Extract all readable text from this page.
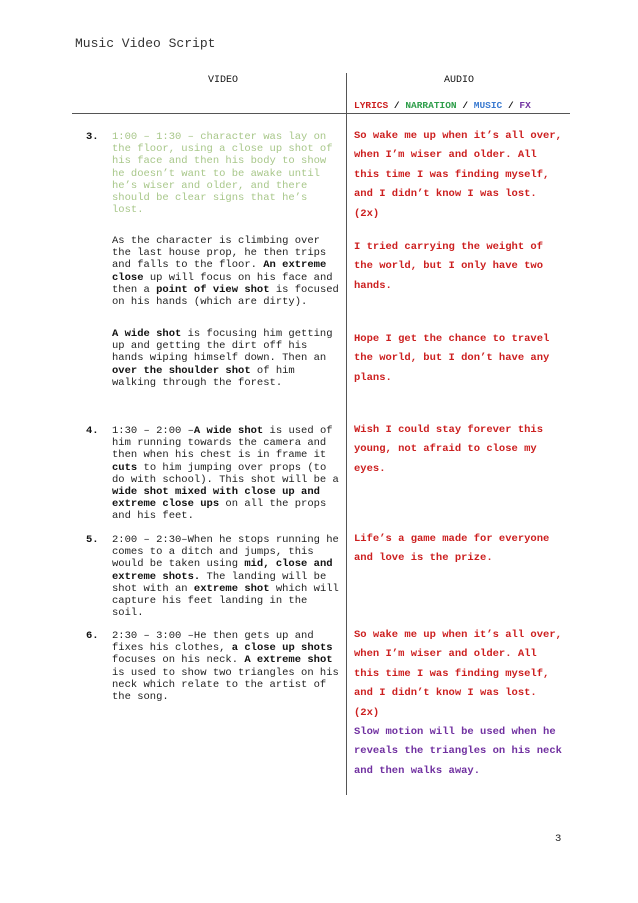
Music Video Script
VIDEO	AUDIO
LYRICS / NARRATION / MUSIC / FX
3. 1:00 – 1:30 – character was lay on the floor, using a close up shot of his face and then his body to show he doesn’t want to be awake until he’s wiser and older, and there should be clear signs that he’s lost.
As the character is climbing over the last house prop, he then trips and falls to the floor. An extreme close up will focus on his face and then a point of view shot is focused on his hands (which are dirty).
A wide shot is focusing him getting up and getting the dirt off his hands wiping himself down. Then an over the shoulder shot of him walking through the forest.
So wake me up when it’s all over, when I’m wiser and older. All this time I was finding myself, and I didn’t know I was lost. (2x)
I tried carrying the weight of the world, but I only have two hands.
Hope I get the chance to travel the world, but I don’t have any plans.
4. 1:30 – 2:00 –A wide shot is used of him running towards the camera and then when his chest is in frame it cuts to him jumping over props (to do with school). This shot will be a wide shot mixed with close up and extreme close ups on all the props and his feet.
Wish I could stay forever this young, not afraid to close my eyes.
5. 2:00 – 2:30–When he stops running he comes to a ditch and jumps, this would be taken using mid, close and extreme shots. The landing will be shot with an extreme shot which will capture his feet landing in the soil.
Life’s a game made for everyone and love is the prize.
6. 2:30 – 3:00 –He then gets up and fixes his clothes, a close up shots focuses on his neck. A extreme shot is used to show two triangles on his neck which relate to the artist of the song.
So wake me up when it’s all over, when I’m wiser and older. All this time I was finding myself, and I didn’t know I was lost. (2x)
Slow motion will be used when he reveals the triangles on his neck and then walks away.
3
